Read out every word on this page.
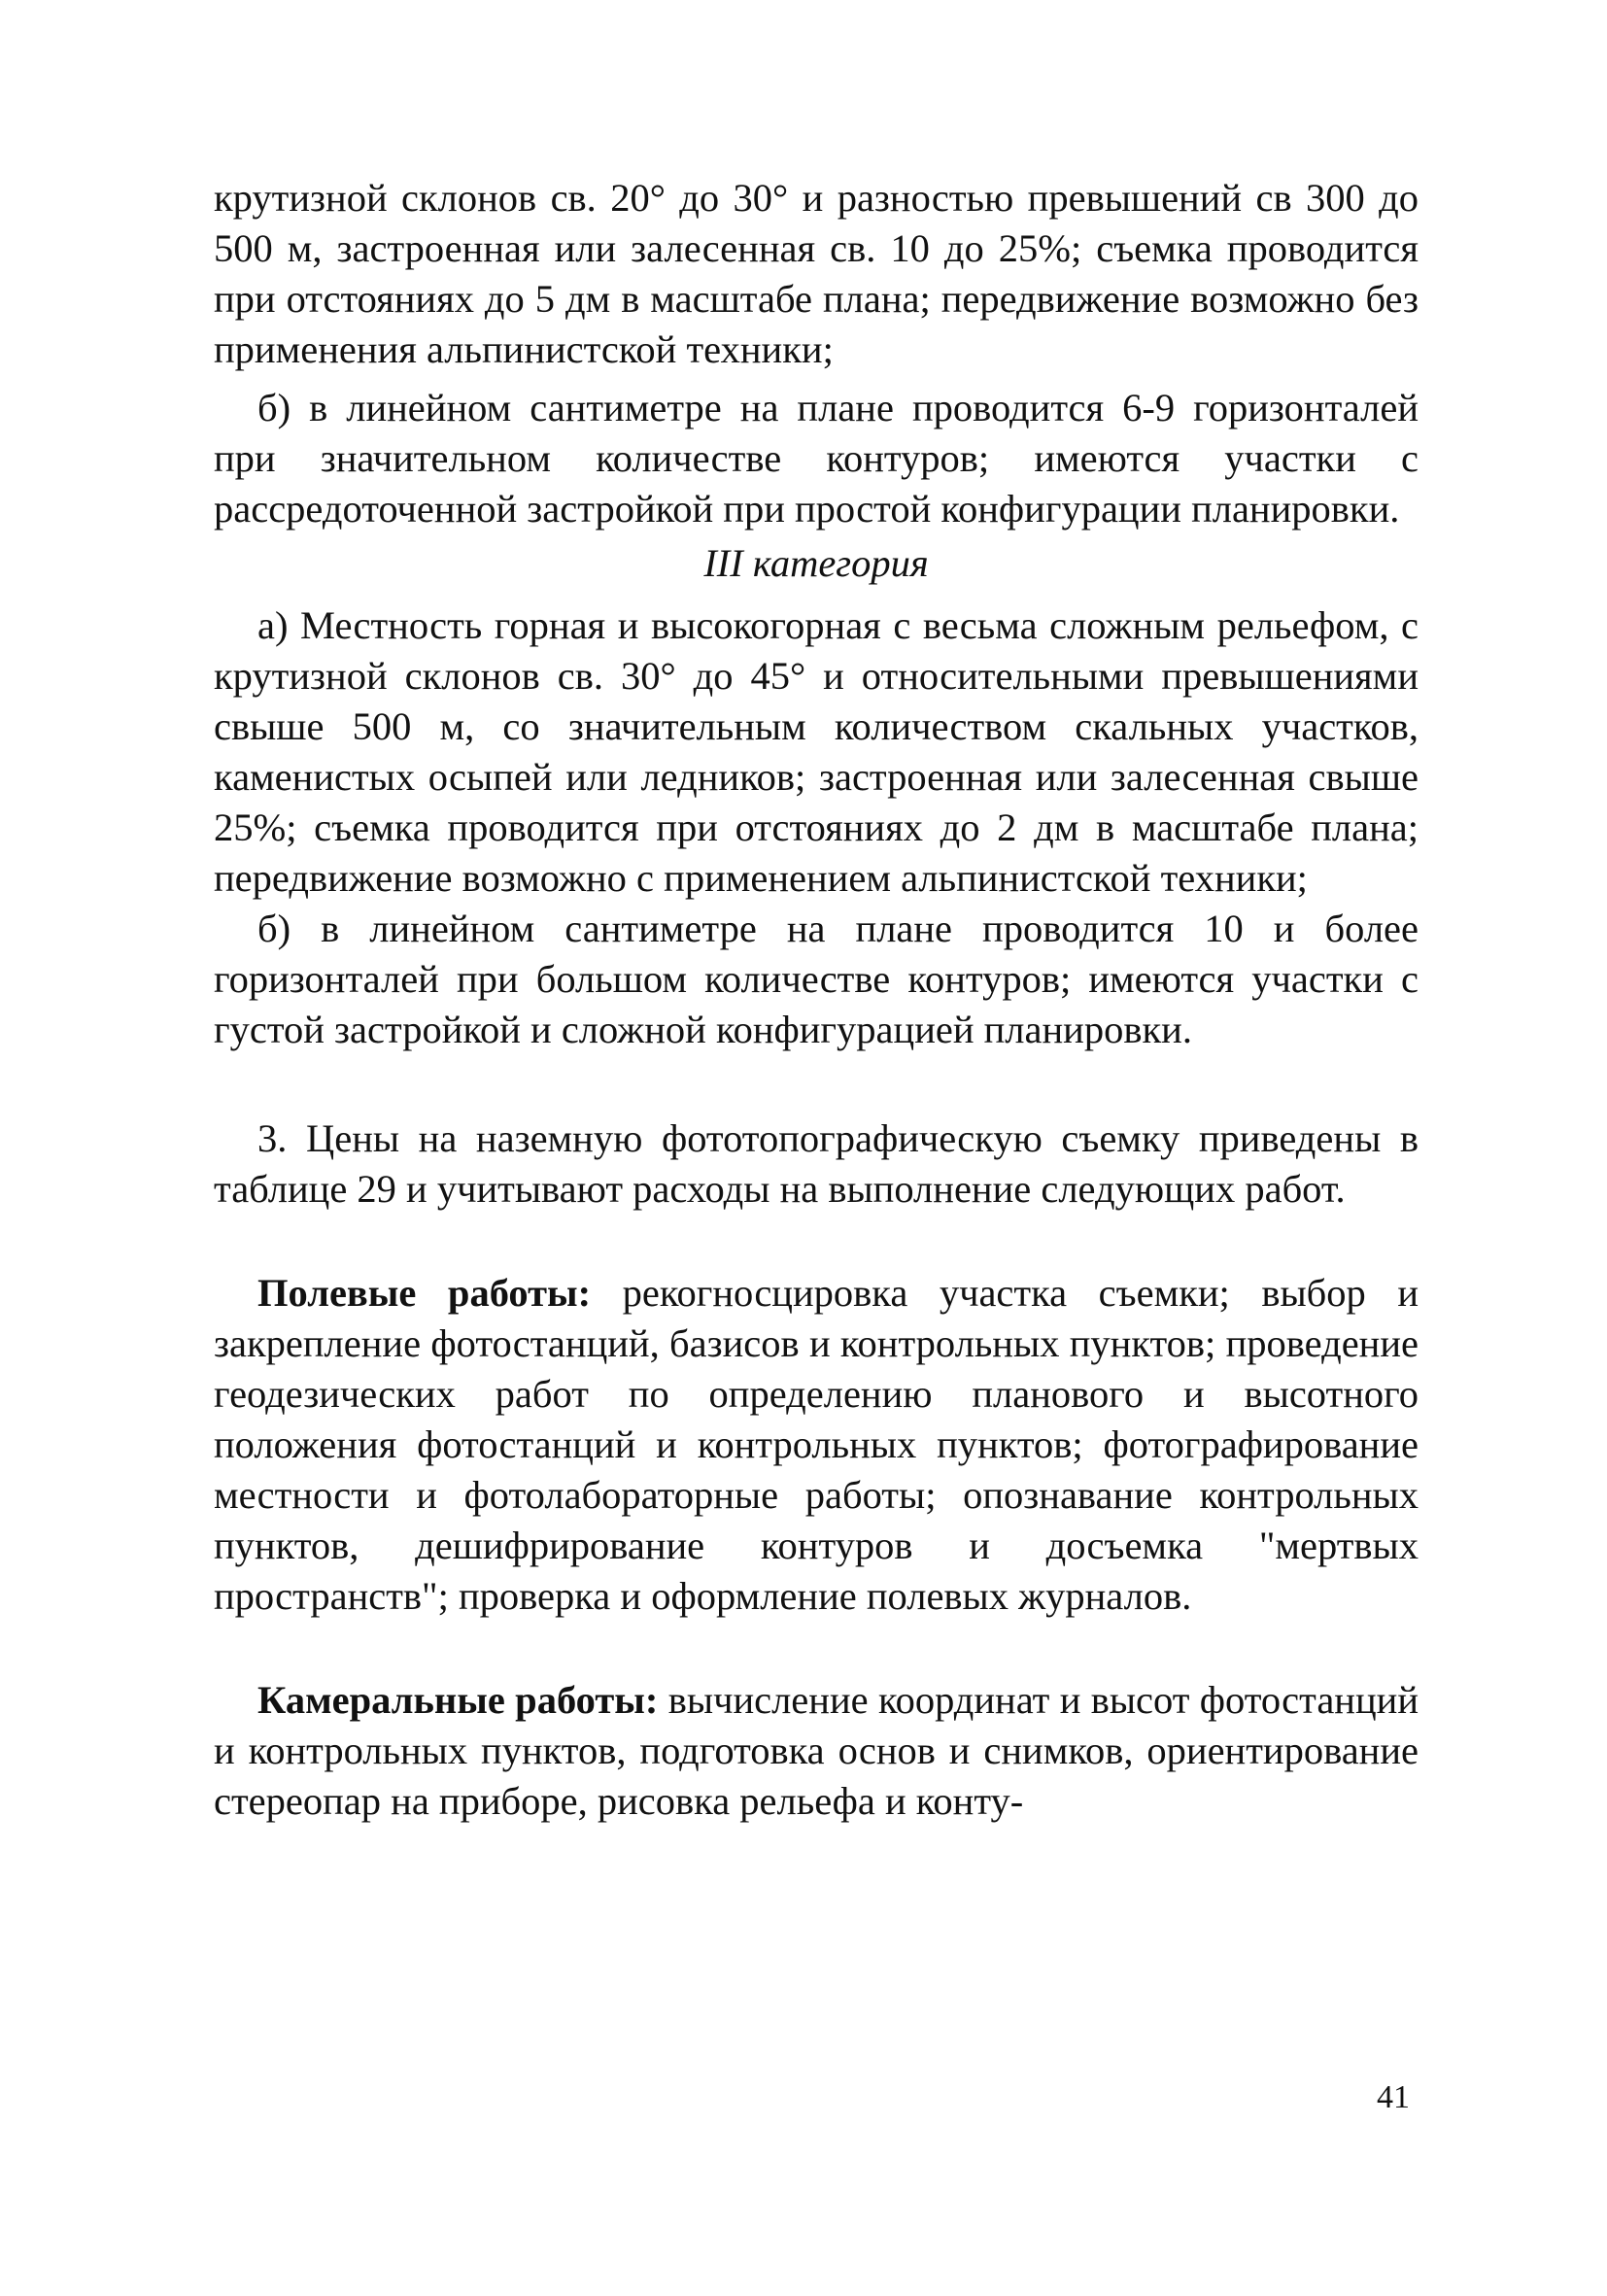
крутизной склонов св. 20° до 30° и разностью превышений св 300 до 500 м, застроенная или залесенная св. 10 до 25%; съемка проводится при отстояниях до 5 дм в масштабе плана; передвижение возможно без применения альпинистской техники;

б) в линейном сантиметре на плане проводится 6-9 горизонталей при значительном количестве контуров; имеются участки с рассредоточенной застройкой при простой конфигурации планировки.

III категория

а) Местность горная и высокогорная с весьма сложным рельефом, с крутизной склонов св. 30° до 45° и относительными превышениями свыше 500 м, со значительным количеством скальных участков, каменистых осыпей или ледников; застроенная или залесенная свыше 25%; съемка проводится при отстояниях до 2 дм в масштабе плана; передвижение возможно с применением альпинистской техники;

б) в линейном сантиметре на плане проводится 10 и более горизонталей при большом количестве контуров; имеются участки с густой застройкой и сложной конфигурацией планировки.

3. Цены на наземную фототопографическую съемку приведены в таблице 29 и учитывают расходы на выполнение следующих работ.

Полевые работы: рекогносцировка участка съемки; выбор и закрепление фотостанций, базисов и контрольных пунктов; проведение геодезических работ по определению планового и высотного положения фотостанций и контрольных пунктов; фотографирование местности и фотолабораторные работы; опознавание контрольных пунктов, дешифрирование контуров и досъемка "мертвых пространств"; проверка и оформление полевых журналов.

Камеральные работы: вычисление координат и высот фотостанций и контрольных пунктов, подготовка основ и снимков, ориентирование стереопар на приборе, рисовка рельефа и конту-

41
